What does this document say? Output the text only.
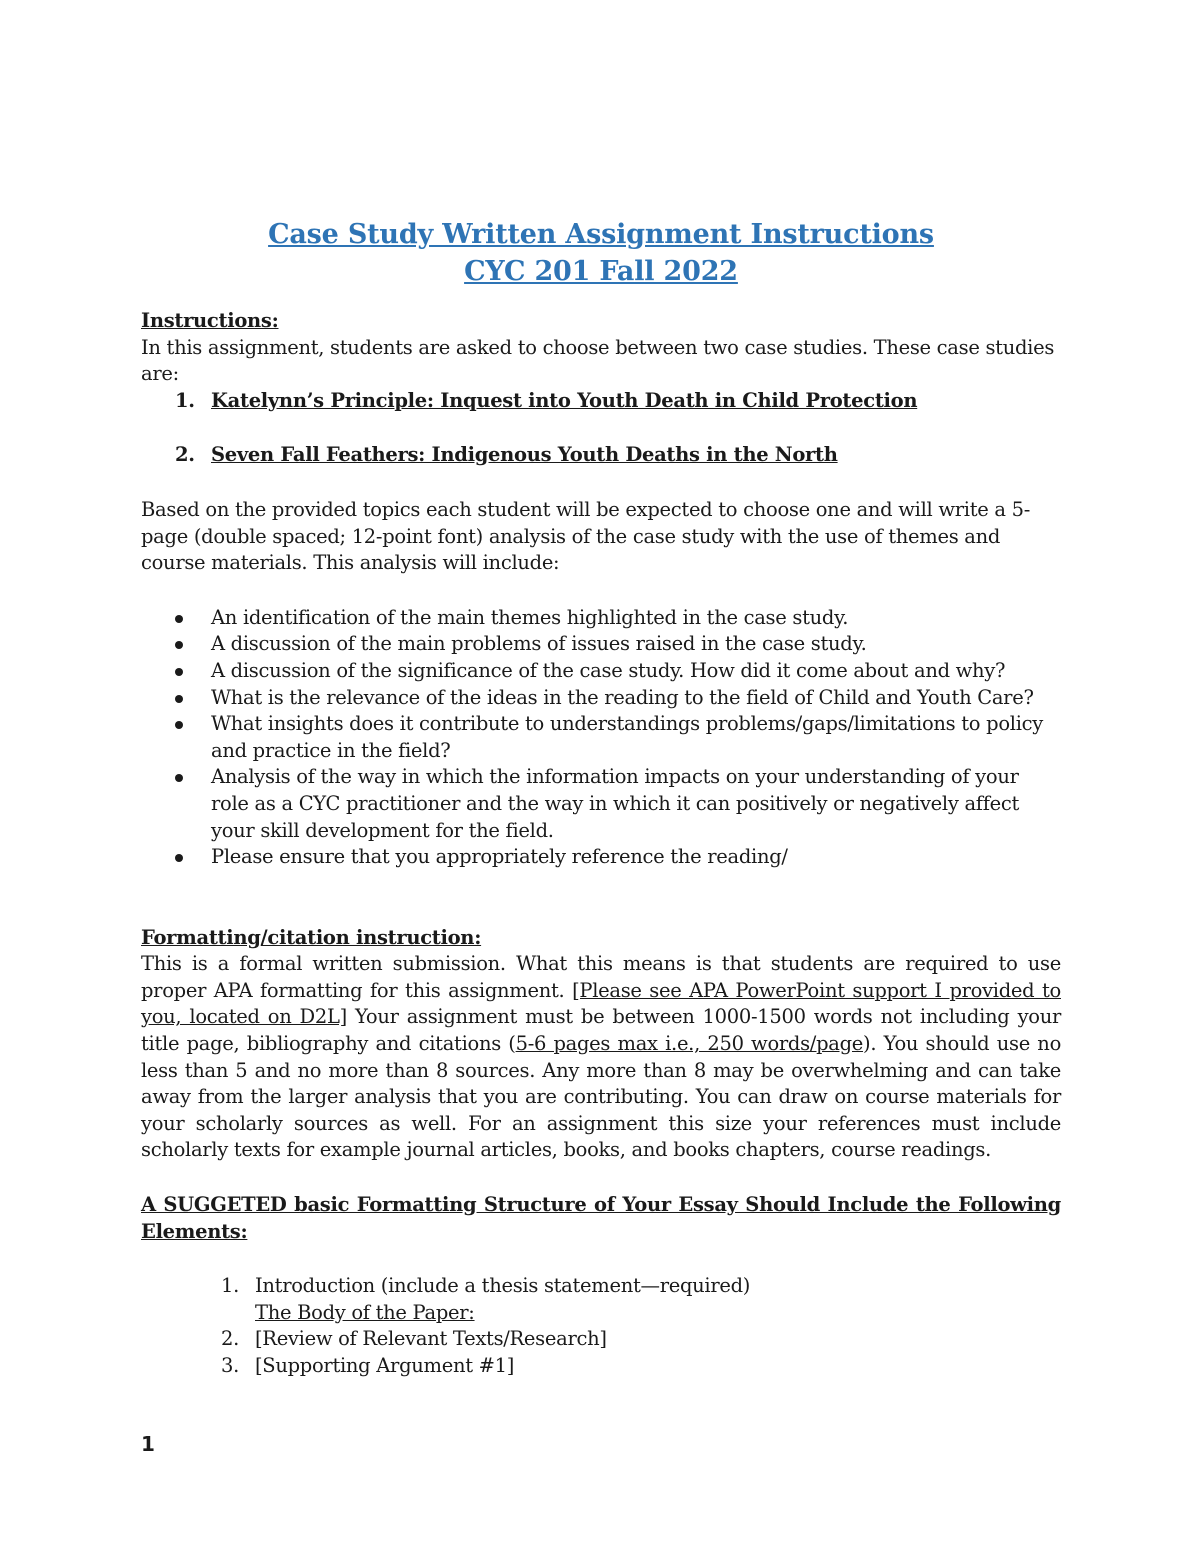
Case Study Written Assignment Instructions
CYC 201 Fall 2022

Instructions:

In this assignment, students are asked to choose between two case studies. These case studies are:

1. Katelynn’s Principle: Inquest into Youth Death in Child Protection
2. Seven Fall Feathers: Indigenous Youth Deaths in the North

Based on the provided topics each student will be expected to choose one and will write a 5-page (double spaced; 12-point font) analysis of the case study with the use of themes and course materials. This analysis will include:

An identification of the main themes highlighted in the case study.
A discussion of the main problems of issues raised in the case study.
A discussion of the significance of the case study. How did it come about and why?
What is the relevance of the ideas in the reading to the field of Child and Youth Care?
What insights does it contribute to understandings problems/gaps/limitations to policy and practice in the field?
Analysis of the way in which the information impacts on your understanding of your role as a CYC practitioner and the way in which it can positively or negatively affect your skill development for the field.
Please ensure that you appropriately reference the reading/

Formatting/citation instruction:

This is a formal written submission. What this means is that students are required to use proper APA formatting for this assignment. [Please see APA PowerPoint support I provided to you, located on D2L] Your assignment must be between 1000-1500 words not including your title page, bibliography and citations (5-6 pages max i.e., 250 words/page). You should use no less than 5 and no more than 8 sources. Any more than 8 may be overwhelming and can take away from the larger analysis that you are contributing. You can draw on course materials for your scholarly sources as well. For an assignment this size your references must include scholarly texts for example journal articles, books, and books chapters, course readings.

A SUGGETED basic Formatting Structure of Your Essay Should Include the Following Elements:

1. Introduction (include a thesis statement—required)
The Body of the Paper:
2. [Review of Relevant Texts/Research]
3. [Supporting Argument #1]
1
